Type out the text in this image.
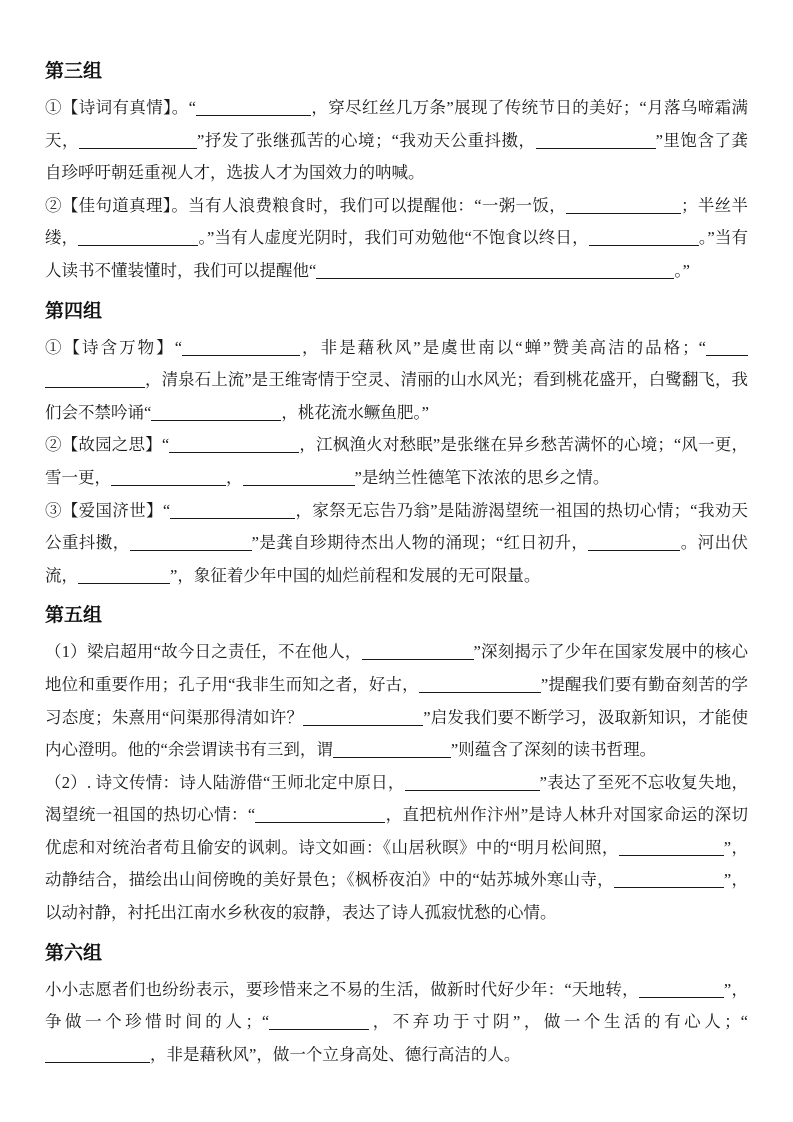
第三组

①【诗词有真情】。“	，穿尽红丝几万条”展现了传统节日的美好；“月落乌啼霜满天，	”抒发了张继孤苦的心境；“我劝天公重抖擞，	”里饱含了龚自珍呼吁朝廷重视人才，选拔人才为国效力的呐喊。

②【佳句道真理】。当有人浪费粮食时，我们可以提醒他：“一粥一饭，	；半丝半缕，	。”当有人虚度光阴时，我们可劝勉他“不饱食以终日，	。”当有人读书不懂装懂时，我们可以提醒他“	。”

第四组

①【诗含万物】“	，非是藉秋风”是虞世南以“蝉”赞美高洁的品格；“，清泉石上流”是王维寄情于空灵、清丽的山水风光；看到桃花盛开，白鹭翻飞，我们会不禁吟诵“	，桃花流水鳜鱼肥。”

②【故园之思】“	，江枫渔火对愁眠”是张继在异乡愁苦满怀的心境；“风一更，雪一更，	，	”是纳兰性德笔下浓浓的思乡之情。

③【爱国济世】“	，家祭无忘告乃翁”是陆游渴望统一祖国的热切心情；“我劝天公重抖擞，	”是龚自珍期待杰出人物的涌现；“红日初升，	。河出伏流，	”，象征着少年中国的灿烂前程和发展的无可限量。

第五组

（1）梁启超用“故今日之责任，不在他人，	”深刻揭示了少年在国家发展中的核心地位和重要作用；孔子用“我非生而知之者，好古，	”提醒我们要有勤奋刻苦的学习态度；朱熹用“问渠那得清如许？	”启发我们要不断学习，汲取新知识，才能使内心澄明。他的“余尝谓读书有三到，谓	”则蕴含了深刻的读书哲理。

（2）. 诗文传情：诗人陆游借“王师北定中原日，	”表达了至死不忘收复失地，渴望统一祖国的热切心情：“	，直把杭州作汴州”是诗人林升对国家命运的深切优虑和对统治者苟且偷安的讽刺。诗文如画：《山居秋暝》中的“明月松间照，	”，动静结合，描绘出山间傍晚的美好景色；《枫桥夜泊》中的“姑苏城外寒山寺，	”，以动衬静，衬托出江南水乡秋夜的寂静，表达了诗人孤寂忧愁的心情。

第六组

小小志愿者们也纷纷表示，要珍惜来之不易的生活，做新时代好少年：“天地转，	”，争做一个珍惜时间的人；“	，不弃功于寸阴”，做一个生活的有心人；“，非是藉秋风”，做一个立身高处、德行高洁的人。
